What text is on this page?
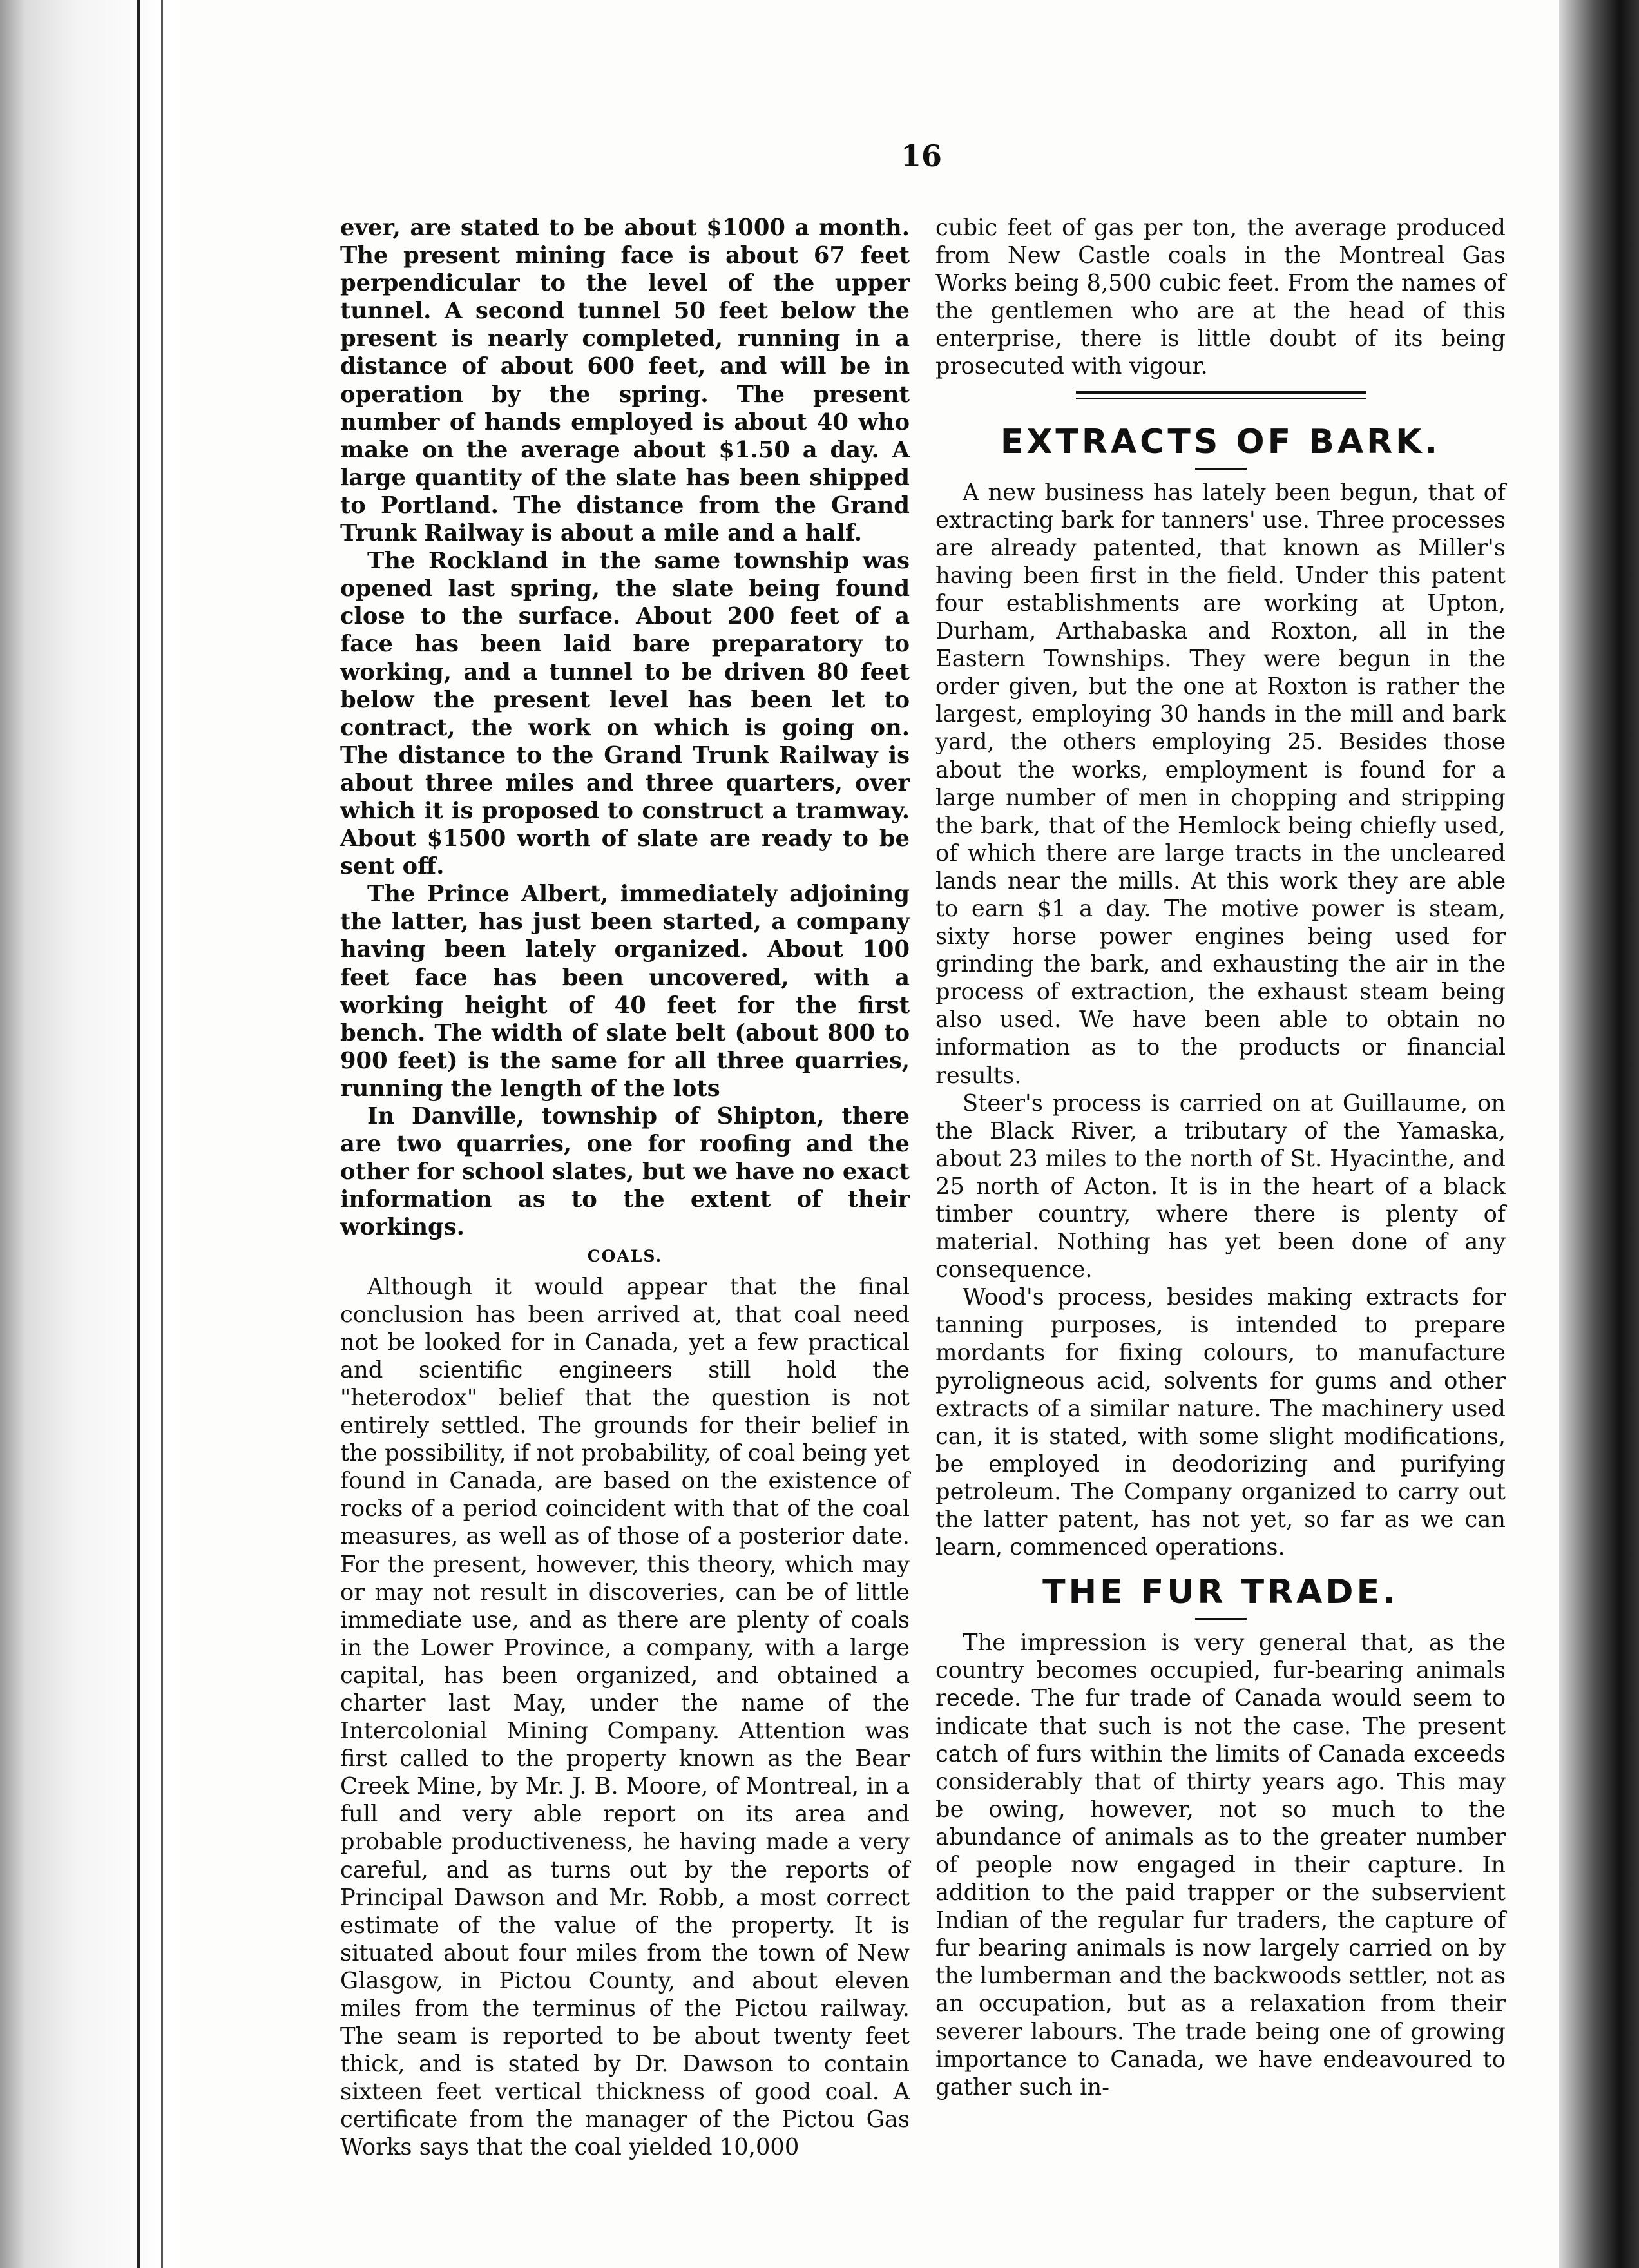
16

ever, are stated to be about $1000 a month. The present mining face is about 67 feet perpendicular to the level of the upper tunnel. A second tunnel 50 feet below the present is nearly completed, running in a distance of about 600 feet, and will be in operation by the spring. The present number of hands employed is about 40 who make on the average about $1.50 a day. A large quantity of the slate has been shipped to Portland. The distance from the Grand Trunk Railway is about a mile and a half.

The Rockland in the same township was opened last spring, the slate being found close to the surface. About 200 feet of a face has been laid bare preparatory to working, and a tunnel to be driven 80 feet below the present level has been let to contract, the work on which is going on. The distance to the Grand Trunk Railway is about three miles and three quarters, over which it is proposed to construct a tramway. About $1500 worth of slate are ready to be sent off.

The Prince Albert, immediately adjoining the latter, has just been started, a company having been lately organized. About 100 feet face has been uncovered, with a working height of 40 feet for the first bench. The width of slate belt (about 800 to 900 feet) is the same for all three quarries, running the length of the lots

In Danville, township of Shipton, there are two quarries, one for roofing and the other for school slates, but we have no exact information as to the extent of their workings.

COALS.

Although it would appear that the final conclusion has been arrived at, that coal need not be looked for in Canada, yet a few practical and scientific engineers still hold the "heterodox" belief that the question is not entirely settled. The grounds for their belief in the possibility, if not probability, of coal being yet found in Canada, are based on the existence of rocks of a period coincident with that of the coal measures, as well as of those of a posterior date. For the present, however, this theory, which may or may not result in discoveries, can be of little immediate use, and as there are plenty of coals in the Lower Province, a company, with a large capital, has been organized, and obtained a charter last May, under the name of the Intercolonial Mining Company. Attention was first called to the property known as the Bear Creek Mine, by Mr. J. B. Moore, of Montreal, in a full and very able report on its area and probable productiveness, he having made a very careful, and as turns out by the reports of Principal Dawson and Mr. Robb, a most correct estimate of the value of the property. It is situated about four miles from the town of New Glasgow, in Pictou County, and about eleven miles from the terminus of the Pictou railway. The seam is reported to be about twenty feet thick, and is stated by Dr. Dawson to contain sixteen feet vertical thickness of good coal. A certificate from the manager of the Pictou Gas Works says that the coal yielded 10,000

cubic feet of gas per ton, the average produced from New Castle coals in the Montreal Gas Works being 8,500 cubic feet. From the names of the gentlemen who are at the head of this enterprise, there is little doubt of its being prosecuted with vigour.

EXTRACTS OF BARK.

A new business has lately been begun, that of extracting bark for tanners' use. Three processes are already patented, that known as Miller's having been first in the field. Under this patent four establishments are working at Upton, Durham, Arthabaska and Roxton, all in the Eastern Townships. They were begun in the order given, but the one at Roxton is rather the largest, employing 30 hands in the mill and bark yard, the others employing 25. Besides those about the works, employment is found for a large number of men in chopping and stripping the bark, that of the Hemlock being chiefly used, of which there are large tracts in the uncleared lands near the mills. At this work they are able to earn $1 a day. The motive power is steam, sixty horse power engines being used for grinding the bark, and exhausting the air in the process of extraction, the exhaust steam being also used. We have been able to obtain no information as to the products or financial results.

Steer's process is carried on at Guillaume, on the Black River, a tributary of the Yamaska, about 23 miles to the north of St. Hyacinthe, and 25 north of Acton. It is in the heart of a black timber country, where there is plenty of material. Nothing has yet been done of any consequence.

Wood's process, besides making extracts for tanning purposes, is intended to prepare mordants for fixing colours, to manufacture pyroligneous acid, solvents for gums and other extracts of a similar nature. The machinery used can, it is stated, with some slight modifications, be employed in deodorizing and purifying petroleum. The Company organized to carry out the latter patent, has not yet, so far as we can learn, commenced operations.

THE FUR TRADE.

The impression is very general that, as the country becomes occupied, fur-bearing animals recede. The fur trade of Canada would seem to indicate that such is not the case. The present catch of furs within the limits of Canada exceeds considerably that of thirty years ago. This may be owing, however, not so much to the abundance of animals as to the greater number of people now engaged in their capture. In addition to the paid trapper or the subservient Indian of the regular fur traders, the capture of fur bearing animals is now largely carried on by the lumberman and the backwoods settler, not as an occupation, but as a relaxation from their severer labours. The trade being one of growing importance to Canada, we have endeavoured to gather such in-
